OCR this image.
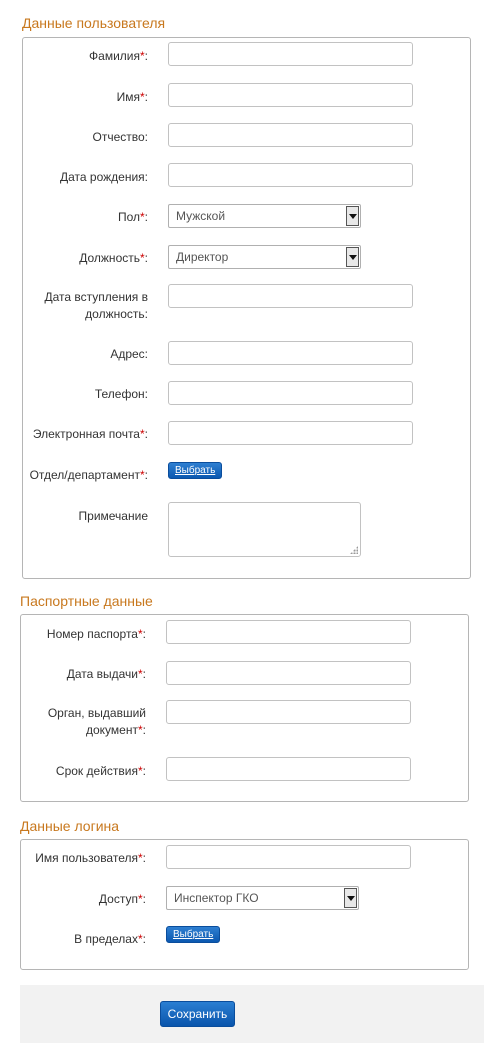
Данные пользователя
Фамилия*:
Имя*:
Отчество:
Дата рождения:
Пол*:	Мужской
Должность*:	Директор
Дата вступления в
должность:
Адрес:
Телефон:
Электронная почта*:
Отдел/департамент*:	Выбрать
Примечание
Паспортные данные
Номер паспорта*:
Дата выдачи*:
Орган, выдавший
документ*:
Срок действия*:
Данные логина
Имя пользователя*:
Доступ*:	Инспектор ГКО
В пределах*:	Выбрать
Сохранить
